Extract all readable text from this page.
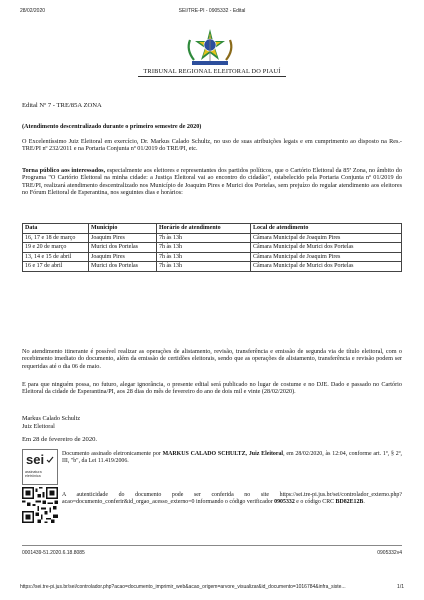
28/02/2020	SEI/TRE-PI - 0905332 - Edital
TRIBUNAL REGIONAL ELEITORAL DO PIAUÍ
Edital Nº 7 - TRE/85A ZONA
(Atendimento descentralizado durante o primeiro semestre de 2020)
O Excelentíssimo Juiz Eleitoral em exercício, Dr. Markus Calado Schultz, no uso de suas atribuições legais e em cumprimento ao disposto na Res.-TRE/PI nº 232/2011 e na Portaria Conjunta nº 01/2019 do TRE/PI, etc.
Torna público aos interessados, especialmente aos eleitores e representantes dos partidos políticos, que o Cartório Eleitoral da 85ª Zona, no âmbito do Programa "O Cartório Eleitoral na minha cidade: a Justiça Eleitoral vai ao encontro do cidadão", estabelecido pela Portaria Conjunta nº 01/2019 do TRE/PI, realizará atendimento descentralizado nos Município de Joaquim Pires e Murici dos Portelas, sem prejuízo do regular atendimento aos eleitores no Fórum Eleitoral de Esperantina, nos seguintes dias e horários:
Data	Município	Horário de atendimento	Local de atendimento
16, 17 e 18 de março	Joaquim Pires	7h às 13h	Câmara Municipal de Joaquim Pires
19 e 20 de março	Murici dos Portelas	7h às 13h	Câmara Municipal de Murici dos Portelas
13, 14 e 15 de abril	Joaquim Pires	7h às 13h	Câmara Municipal de Joaquim Pires
16 e 17 de abril	Murici dos Portelas	7h às 13h	Câmara Municipal de Murici dos Portelas
No atendimento itinerante é possível realizar as operações de alistamento, revisão, transferência e emissão de segunda via de título eleitoral, com o recebimento imediato do documento, além da emissão de certidões eleitorais, sendo que as operações de alistamento, transferência e revisão podem ser requeridas até o dia 06 de maio.
E para que ninguém possa, no futuro, alegar ignorância, o presente edital será publicado no lugar de costume e no DJE. Dado e passado no Cartório Eleitoral da cidade de Esperantina/PI, aos 28 dias do mês de fevereiro do ano de dois mil e vinte (28/02/2020).
Markus Calado Schultz
Juiz Eleitoral
Em 28 de fevereiro de 2020.
sei
assinatura eletrônica
Documento assinado eletronicamente por MARKUS CALADO SCHULTZ, Juiz Eleitoral, em 28/02/2020, às 12:04, conforme art. 1º, § 2º, III, "b", da Lei 11.419/2006.
A autenticidade do documento pode ser conferida no site https://sei.tre-pi.jus.br/sei/controlador_externo.php?acao=documento_conferir&id_orgao_acesso_externo=0 informando o código verificador 0905332 e o código CRC BD82E12B.
0001439-51.2020.6.18.8085	0905332v4
https://sei.tre-pi.jus.br/sei/controlador.php?acao=documento_imprimir_web&acao_origem=arvore_visualizar&id_documento=1016784&infra_siste...	1/1
